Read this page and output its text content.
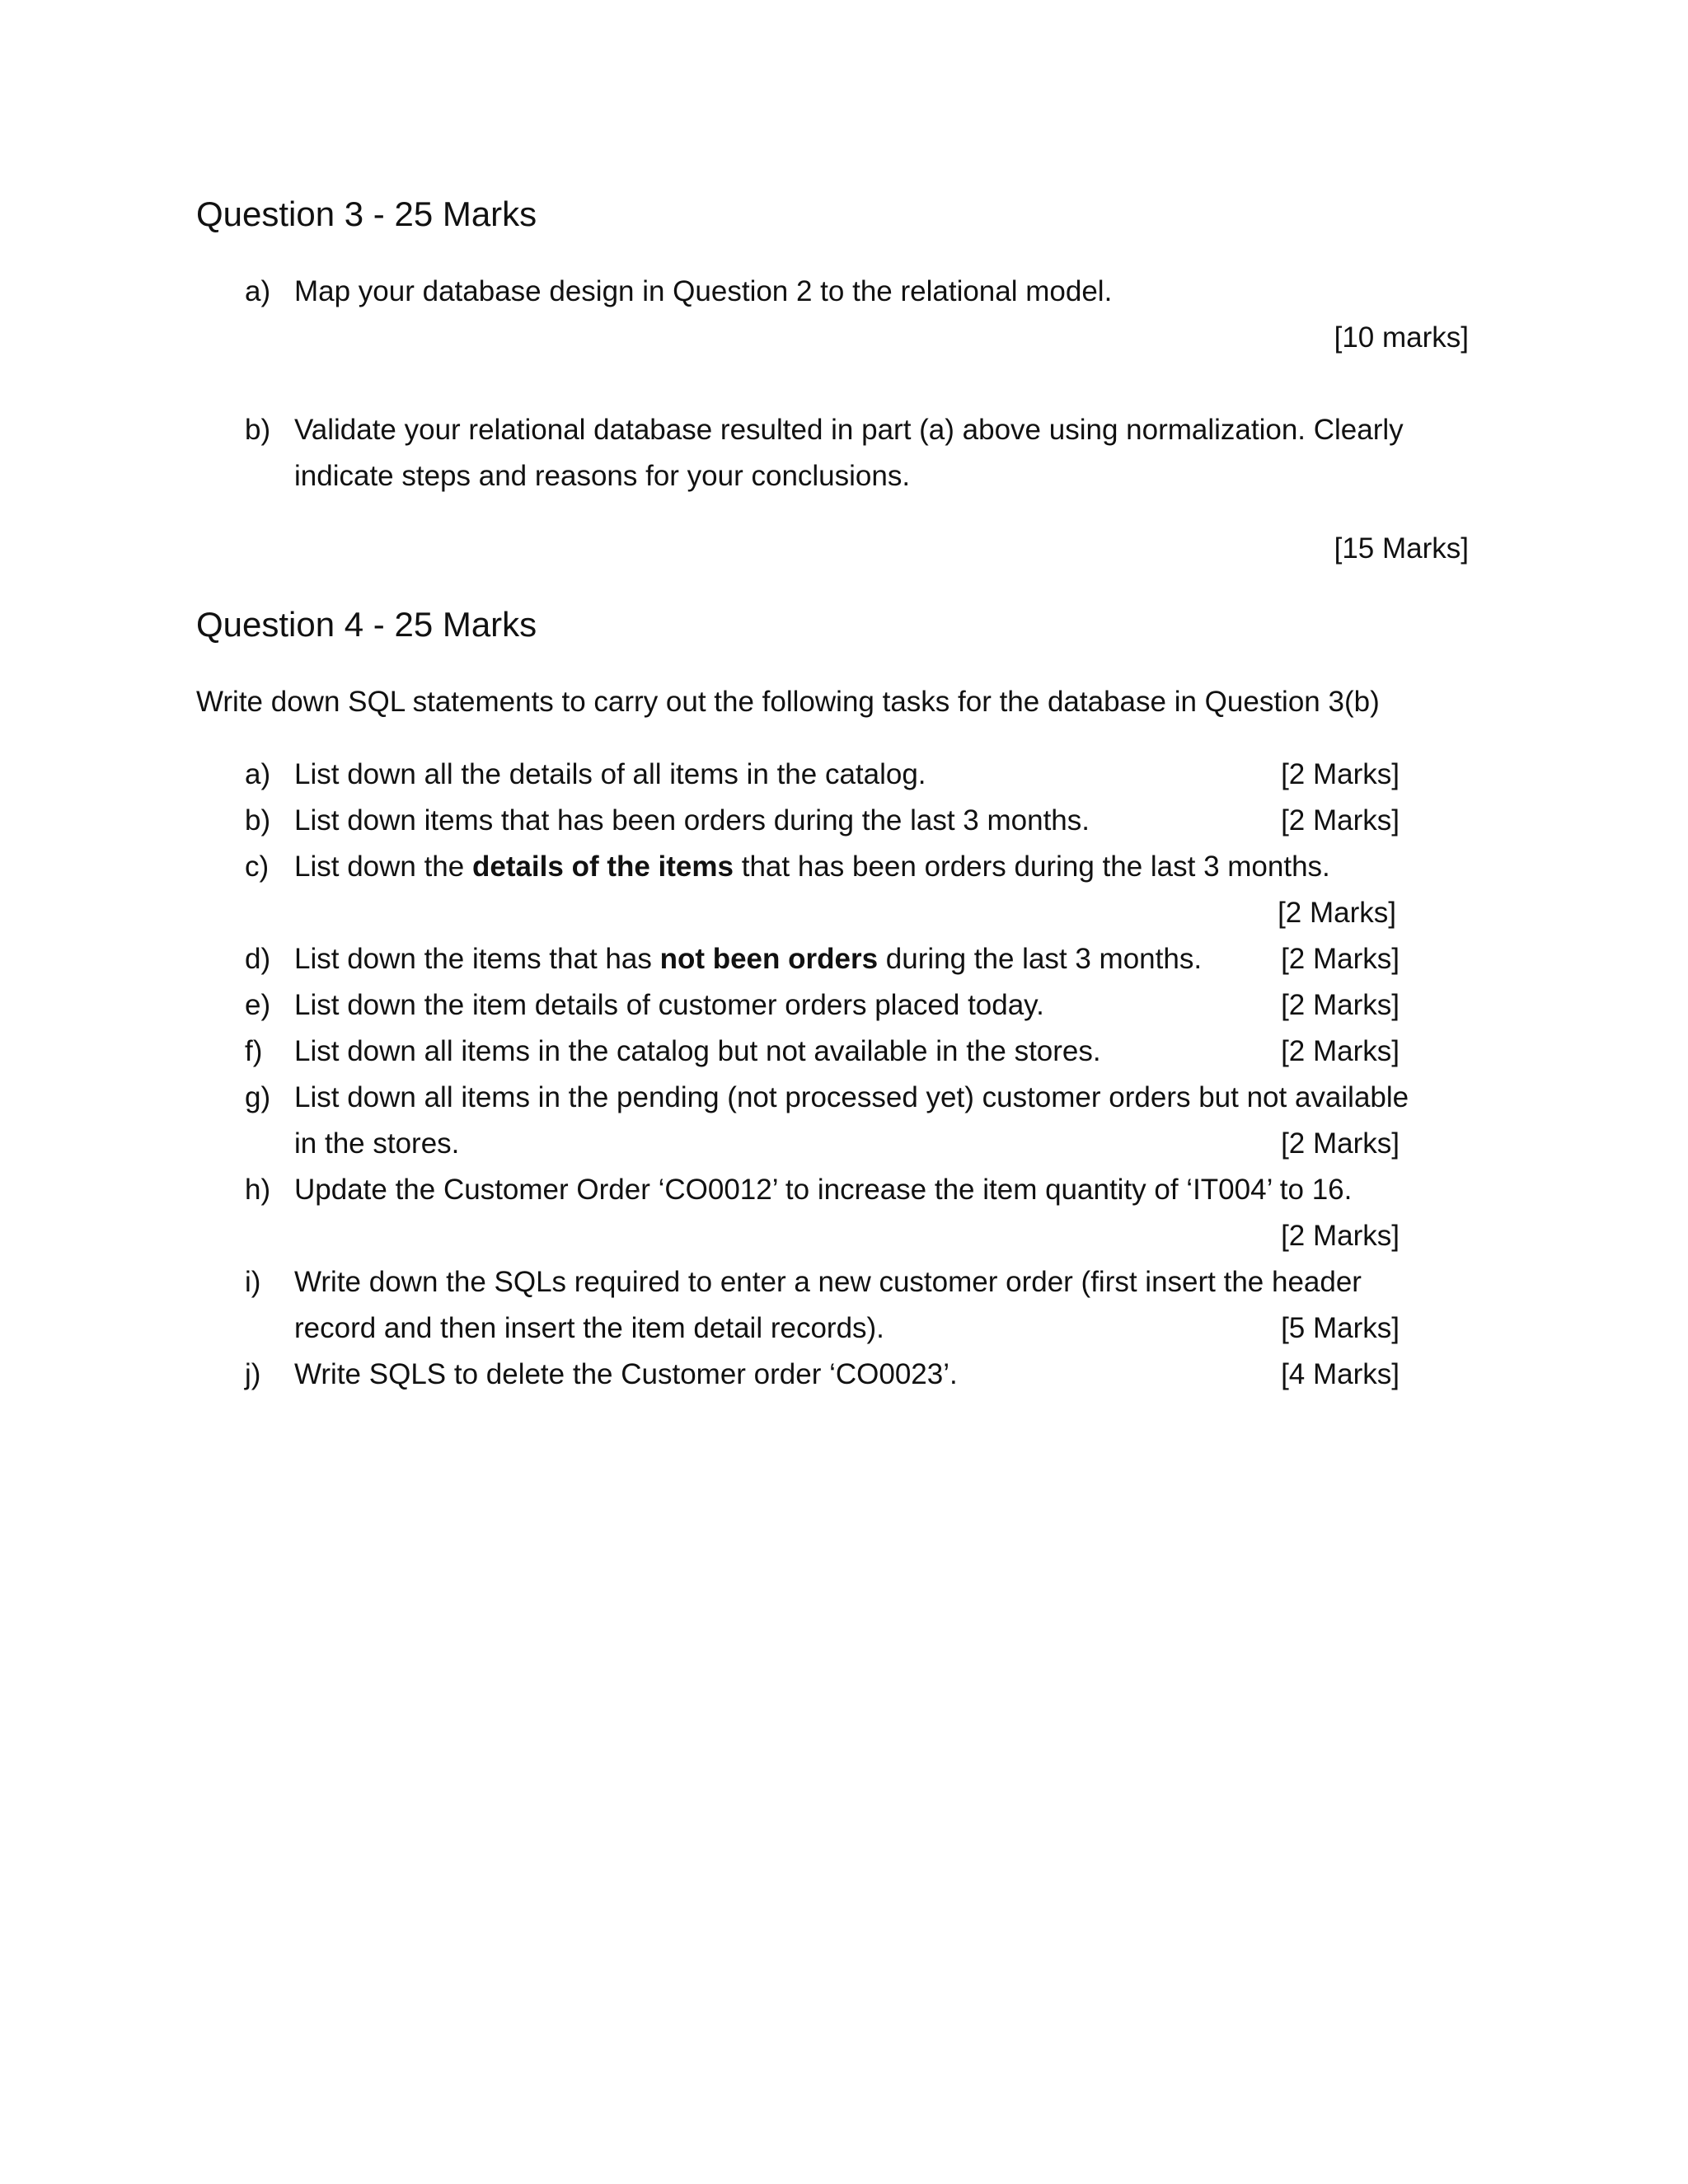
Question 3 - 25 Marks
a) Map your database design in Question 2 to the relational model.
[10 marks]
b) Validate your relational database resulted in part (a) above using normalization. Clearly
indicate steps and reasons for your conclusions.
[15 Marks]
Question 4 - 25 Marks
Write down SQL statements to carry out the following tasks for the database in Question 3(b)
a) List down all the details of all items in the catalog.	[2 Marks]
b) List down items that has been orders during the last 3 months.	[2 Marks]
c) List down the details of the items that has been orders during the last 3 months.
[2 Marks]
d) List down the items that has not been orders during the last 3 months.	[2 Marks]
e) List down the item details of customer orders placed today.	[2 Marks]
f)	List down all items in the catalog but not available in the stores.	[2 Marks]
g) List down all items in the pending (not processed yet) customer orders but not available
in the stores.	[2 Marks]
h) Update the Customer Order ‘CO0012’ to increase the item quantity of ‘IT004’ to 16.
[2 Marks]
i)	Write down the SQLs required to enter a new customer order (first insert the header
record and then insert the item detail records).	[5 Marks]
j)	Write SQLS to delete the Customer order ‘CO0023’.	[4 Marks]
